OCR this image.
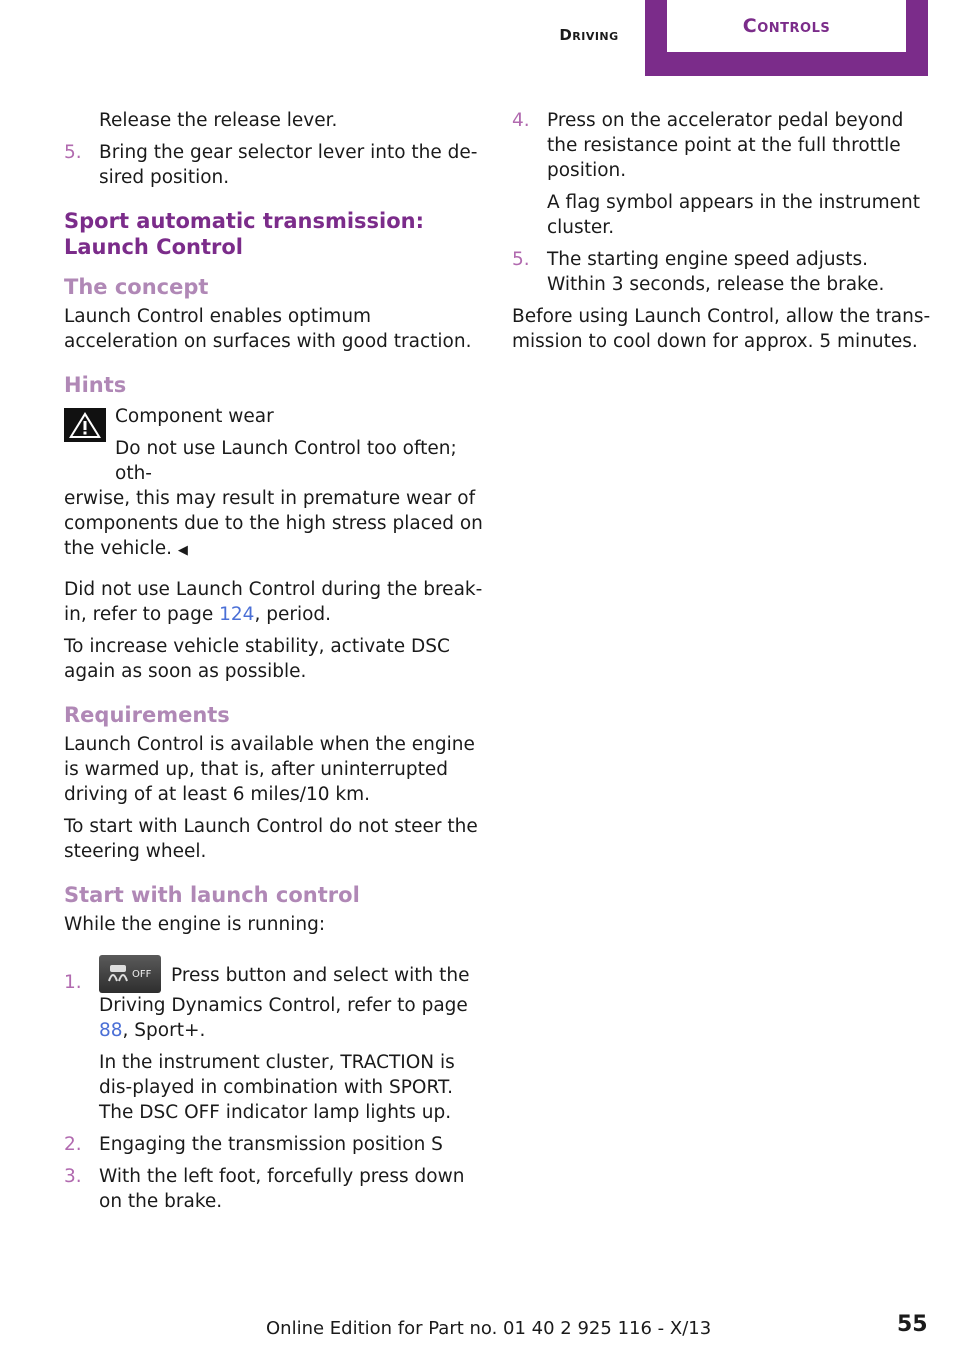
Driving	Controls

Release the release lever.

5. Bring the gear selector lever into the de‐sired position.
Sport automatic transmission: Launch Control
The concept

Launch Control enables optimum acceleration on surfaces with good traction.

Hints

Component wear

Do not use Launch Control too often; oth‐

erwise, this may result in premature wear of components due to the high stress placed on the vehicle. ◀

Did not use Launch Control during the break-in, refer to page 124, period.

To increase vehicle stability, activate DSC again as soon as possible.

Requirements

Launch Control is available when the engine is warmed up, that is, after uninterrupted driving of at least 6 miles/10 km.

To start with Launch Control do not steer the steering wheel.

Start with launch control

While the engine is running:

1.	OFF Press button and select with the Driving Dynamics Control, refer to page 88, Sport+.

In the instrument cluster, TRACTION is dis‐played in combination with SPORT. The DSC OFF indicator lamp lights up.

2. Engaging the transmission position S
3. With the left foot, forcefully press down on the brake.
4. Press on the accelerator pedal beyond the resistance point at the full throttle position.

A flag symbol appears in the instrument cluster.

5. The starting engine speed adjusts. Within 3 seconds, release the brake.

Before using Launch Control, allow the trans‐mission to cool down for approx. 5 minutes.

Online Edition for Part no. 01 40 2 925 116 - X/13	55
